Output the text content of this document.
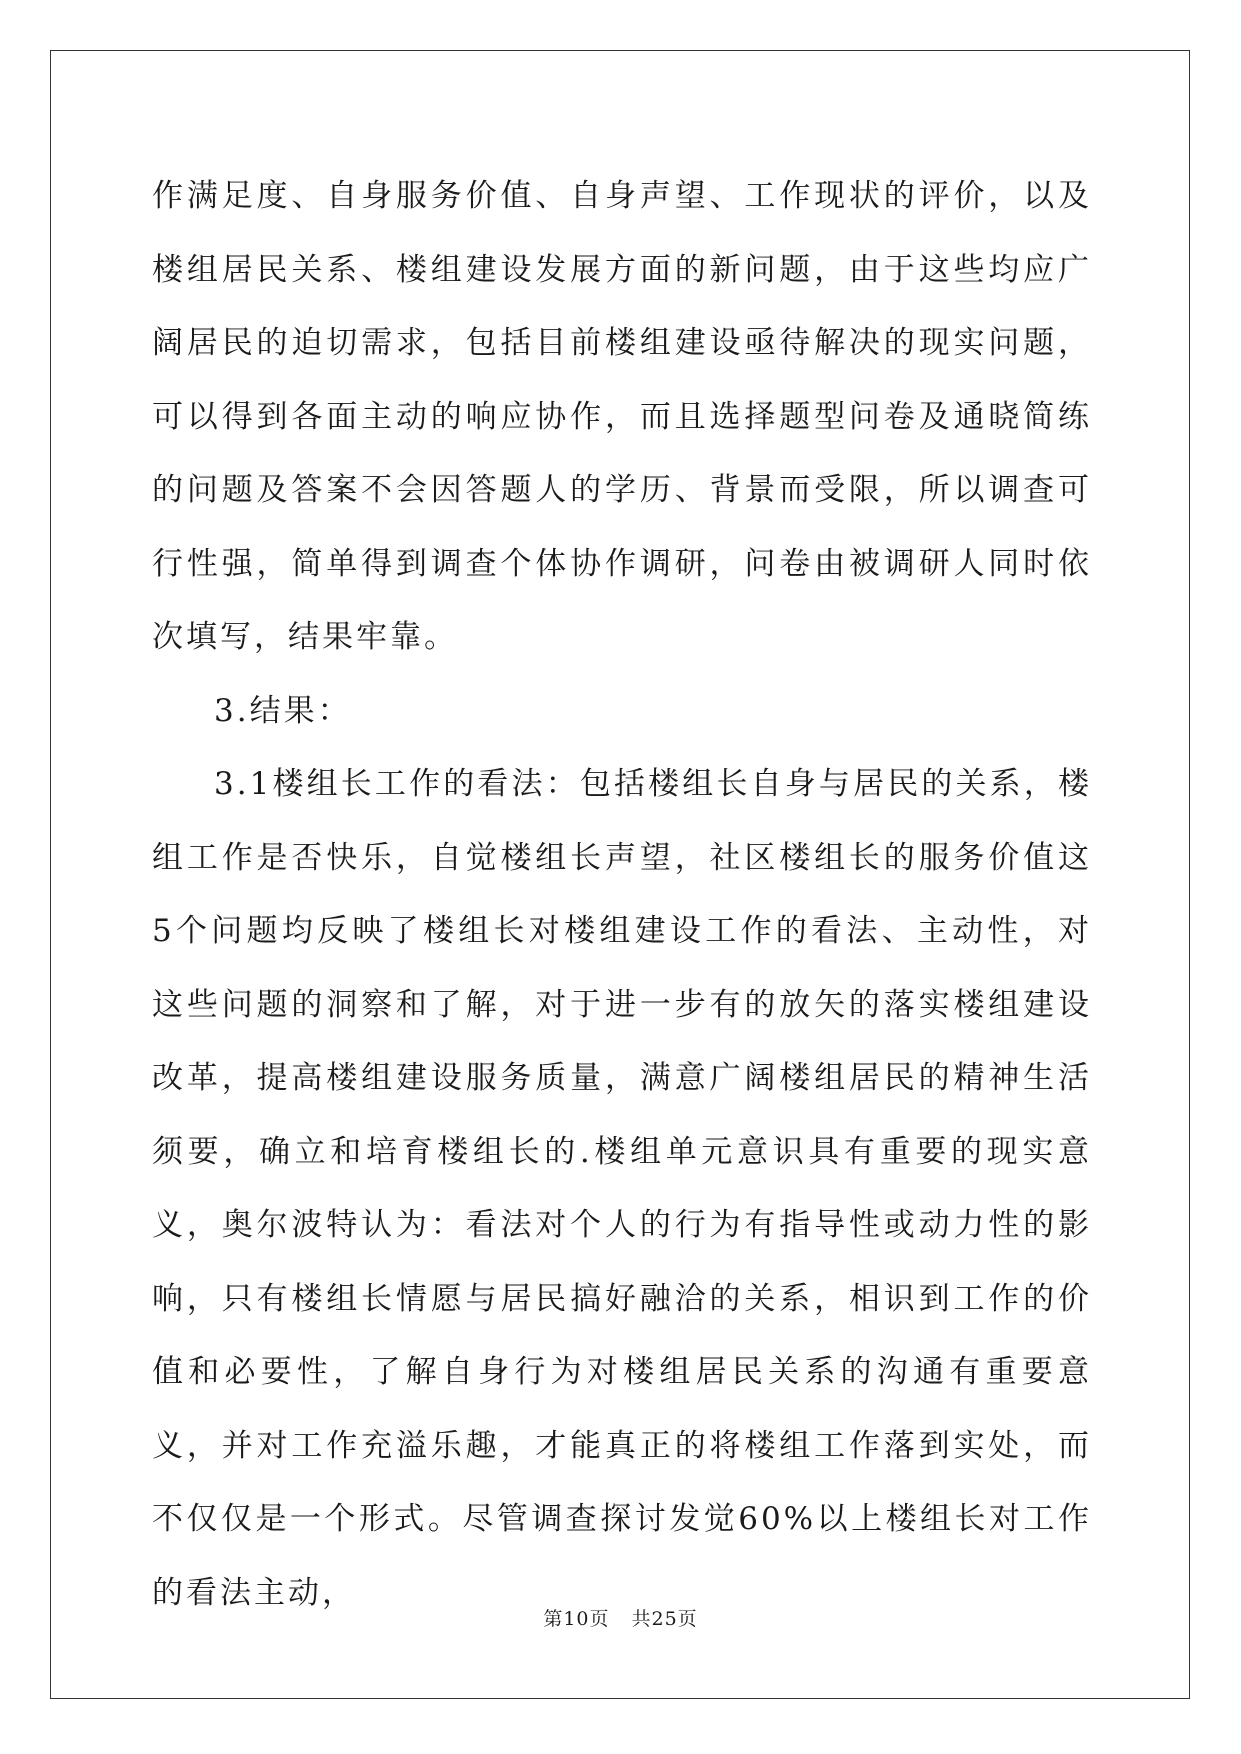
作满足度、自身服务价值、自身声望、工作现状的评价，以及楼组居民关系、楼组建设发展方面的新问题，由于这些均应广阔居民的迫切需求，包括目前楼组建设亟待解决的现实问题，可以得到各面主动的响应协作，而且选择题型问卷及通晓简练的问题及答案不会因答题人的学历、背景而受限，所以调查可行性强，简单得到调查个体协作调研，问卷由被调研人同时依次填写，结果牢靠。

3.结果：

3.1楼组长工作的看法：包括楼组长自身与居民的关系，楼组工作是否快乐，自觉楼组长声望，社区楼组长的服务价值这5个问题均反映了楼组长对楼组建设工作的看法、主动性，对这些问题的洞察和了解，对于进一步有的放矢的落实楼组建设改革，提高楼组建设服务质量，满意广阔楼组居民的精神生活须要，确立和培育楼组长的.楼组单元意识具有重要的现实意义，奥尔波特认为：看法对个人的行为有指导性或动力性的影响，只有楼组长情愿与居民搞好融洽的关系，相识到工作的价值和必要性，了解自身行为对楼组居民关系的沟通有重要意义，并对工作充溢乐趣，才能真正的将楼组工作落到实处，而不仅仅是一个形式。尽管调查探讨发觉60%以上楼组长对工作的看法主动，

第10页 共25页
